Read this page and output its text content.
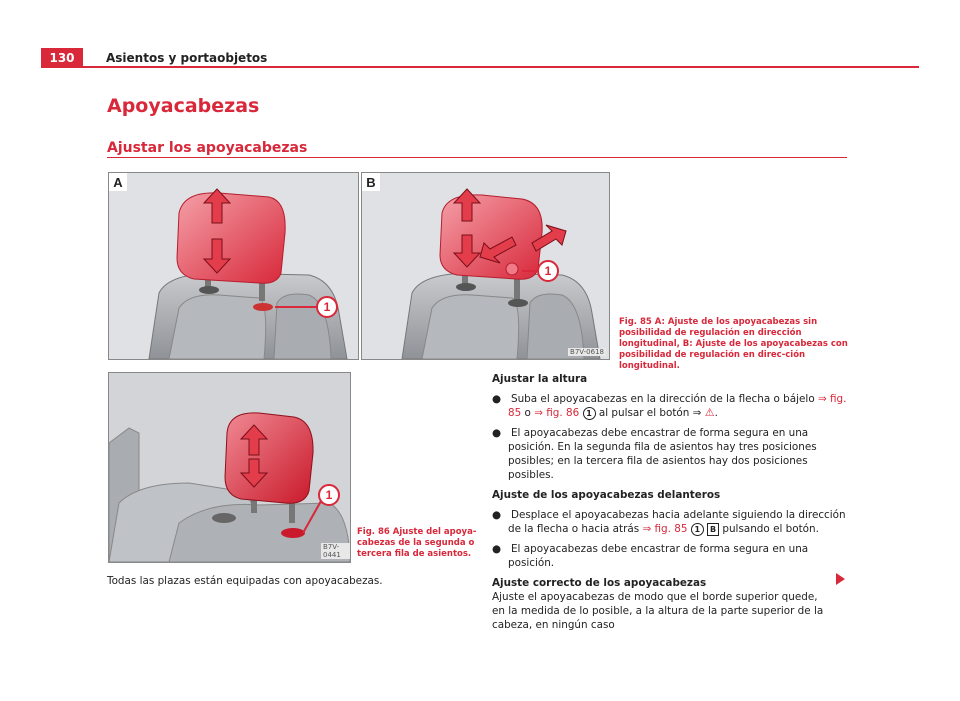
130	Asientos y portaobjetos
Apoyacabezas
Ajustar los apoyacabezas
1
A
1
B
B7V-0618
Fig. 85 A: Ajuste de los apoyacabezas sin posibilidad de regulación en dirección longitudinal, B: Ajuste de los apoyacabezas con posibilidad de regulación en direc-ción longitudinal.
1
B7V-0441
Fig. 86 Ajuste del apoya-cabezas de la segunda o tercera fila de asientos.
Todas las plazas están equipadas con apoyacabezas.
Ajustar la altura
●   Suba el apoyacabezas en la dirección de la flecha o bájelo ⇒ fig. 85 o ⇒ fig. 86 1 al pulsar el botón ⇒ ⚠.
●   El apoyacabezas debe encastrar de forma segura en una posición. En la segunda fila de asientos hay tres posiciones posibles; en la tercera fila de asientos hay dos posiciones posibles.
Ajuste de los apoyacabezas delanteros
●   Desplace el apoyacabezas hacia adelante siguiendo la dirección de la flecha o hacia atrás ⇒ fig. 85 1 B pulsando el botón.
●   El apoyacabezas debe encastrar de forma segura en una posición.
Ajuste correcto de los apoyacabezas
Ajuste el apoyacabezas de modo que el borde superior quede, en la medida de lo posible, a la altura de la parte superior de la cabeza, en ningún caso
